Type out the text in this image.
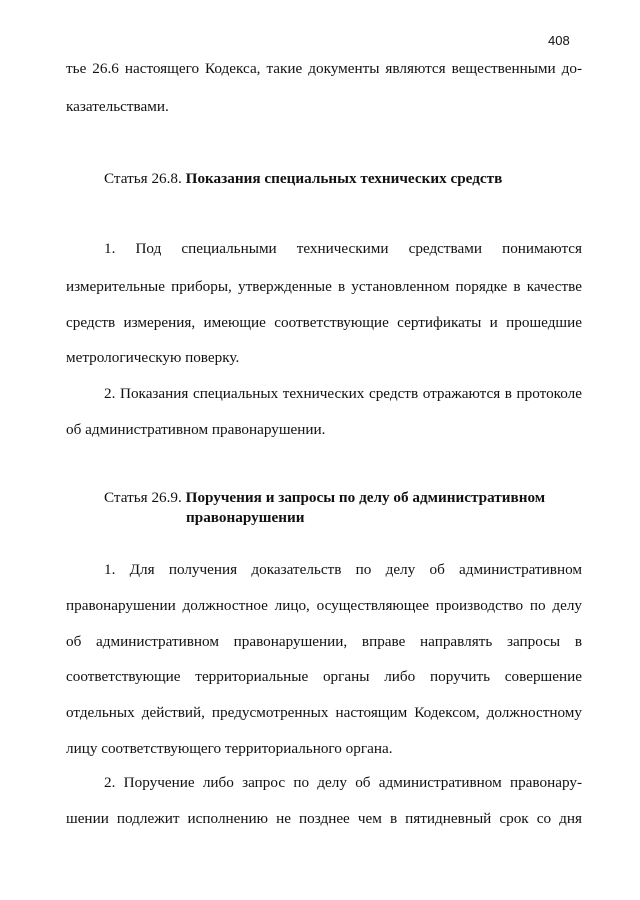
408
тье 26.6 настоящего Кодекса, такие документы являются вещественными до-
казательствами.
Статья 26.8. Показания специальных технических средств
1. Под специальными техническими средствами понимаются
измерительные приборы, утвержденные в установленном порядке в качестве
средств измерения, имеющие соответствующие сертификаты и прошедшие
метрологическую поверку.
2. Показания специальных технических средств отражаются в протоколе
об административном правонарушении.
Статья 26.9. Поручения и запросы по делу об административном
правонарушении
1. Для получения доказательств по делу об административном
правонарушении должностное лицо, осуществляющее производство по делу
об административном правонарушении, вправе направлять запросы в
соответствующие территориальные органы либо поручить совершение
отдельных действий, предусмотренных настоящим Кодексом, должностному
лицу соответствующего территориального органа.
2. Поручение либо запрос по делу об административном правонару-
шении подлежит исполнению не позднее чем в пятидневный срок со дня
